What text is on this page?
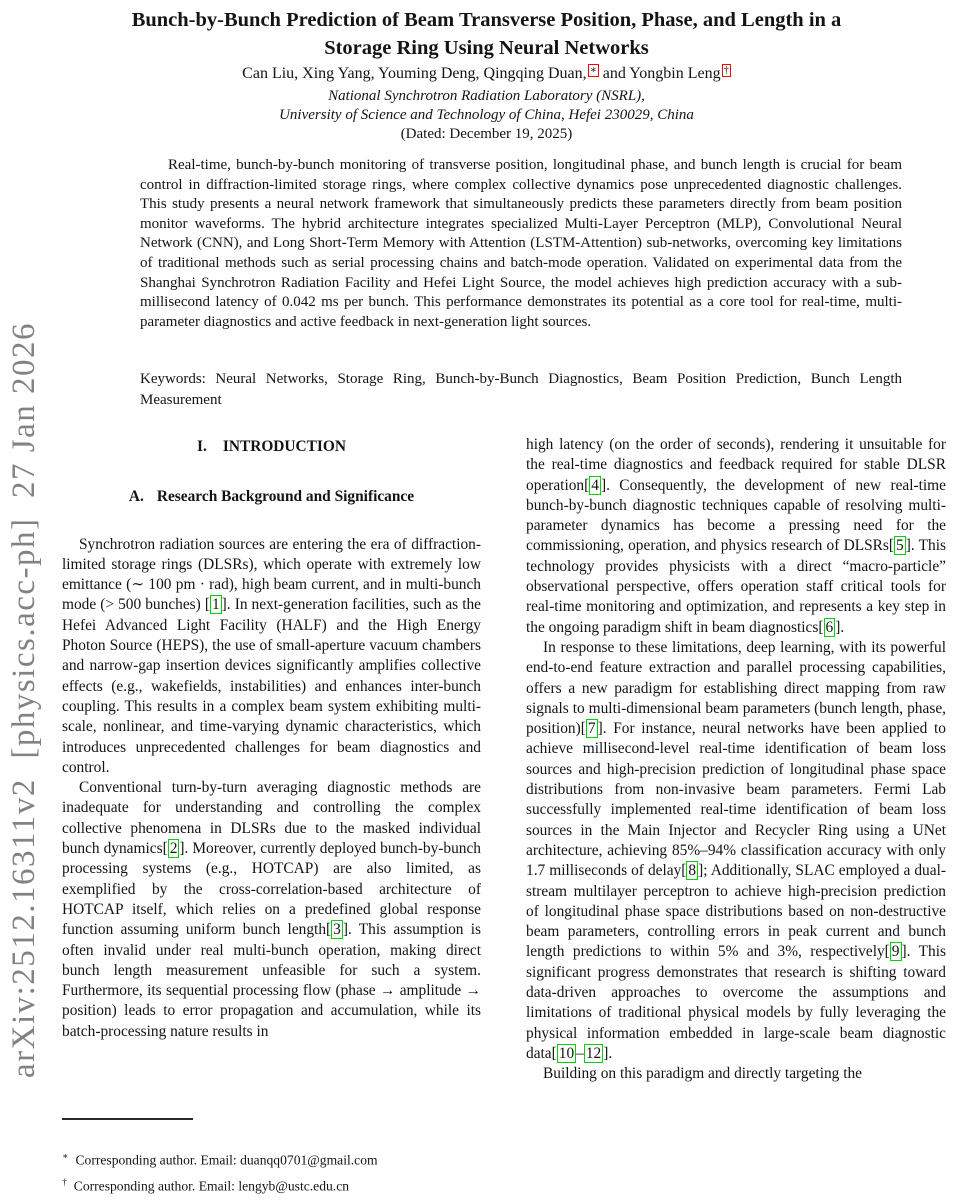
arXiv:2512.16311v2  [physics.acc-ph]  27 Jan 2026
Bunch-by-Bunch Prediction of Beam Transverse Position, Phase, and Length in a
Storage Ring Using Neural Networks
Can Liu, Xing Yang, Youming Deng, Qingqing Duan, ∗ and Yongbin Leng †
National Synchrotron Radiation Laboratory (NSRL),
University of Science and Technology of China, Hefei 230029, China
(Dated: December 19, 2025)

Real-time, bunch-by-bunch monitoring of transverse position, longitudinal phase, and bunch length is crucial for beam control in diffraction-limited storage rings, where complex collective dynamics pose unprecedented diagnostic challenges. This study presents a neural network framework that simultaneously predicts these parameters directly from beam position monitor waveforms. The hybrid architecture integrates specialized Multi-Layer Perceptron (MLP), Convolutional Neural Network (CNN), and Long Short-Term Memory with Attention (LSTM-Attention) sub-networks, overcoming key limitations of traditional methods such as serial processing chains and batch-mode operation. Validated on experimental data from the Shanghai Synchrotron Radiation Facility and Hefei Light Source, the model achieves high prediction accuracy with a sub-millisecond latency of 0.042 ms per bunch. This performance demonstrates its potential as a core tool for real-time, multi-parameter diagnostics and active feedback in next-generation light sources.

Keywords: Neural Networks, Storage Ring, Bunch-by-Bunch Diagnostics, Beam Position Prediction, Bunch Length Measurement

I. INTRODUCTION

A. Research Background and Significance

Synchrotron radiation sources are entering the era of diffraction-limited storage rings (DLSRs), which operate with extremely low emittance (∼ 100 pm · rad), high beam current, and in multi-bunch mode (> 500 bunches) [ 1 ]. In next-generation facilities, such as the Hefei Advanced Light Facility (HALF) and the High Energy Photon Source (HEPS), the use of small-aperture vacuum chambers and narrow-gap insertion devices significantly amplifies collective effects (e.g., wakefields, instabilities) and enhances inter-bunch coupling. This results in a complex beam system exhibiting multi-scale, nonlinear, and time-varying dynamic characteristics, which introduces unprecedented challenges for beam diagnostics and control.

Conventional turn-by-turn averaging diagnostic methods are inadequate for understanding and controlling the complex collective phenomena in DLSRs due to the masked individual bunch dynamics[ 2 ]. Moreover, currently deployed bunch-by-bunch processing systems (e.g., HOTCAP) are also limited, as exemplified by the cross-correlation-based architecture of HOTCAP itself, which relies on a predefined global response function assuming uniform bunch length[ 3 ]. This assumption is often invalid under real multi-bunch operation, making direct bunch length measurement unfeasible for such a system. Furthermore, its sequential processing flow (phase → amplitude → position) leads to error propagation and accumulation, while its batch-processing nature results in

high latency (on the order of seconds), rendering it unsuitable for the real-time diagnostics and feedback required for stable DLSR operation[ 4 ]. Consequently, the development of new real-time bunch-by-bunch diagnostic techniques capable of resolving multi-parameter dynamics has become a pressing need for the commissioning, operation, and physics research of DLSRs[ 5 ]. This technology provides physicists with a direct “macro-particle” observational perspective, offers operation staff critical tools for real-time monitoring and optimization, and represents a key step in the ongoing paradigm shift in beam diagnostics[ 6 ].

In response to these limitations, deep learning, with its powerful end-to-end feature extraction and parallel processing capabilities, offers a new paradigm for establishing direct mapping from raw signals to multi-dimensional beam parameters (bunch length, phase, position)[ 7 ]. For instance, neural networks have been applied to achieve millisecond-level real-time identification of beam loss sources and high-precision prediction of longitudinal phase space distributions from non-invasive beam parameters. Fermi Lab successfully implemented real-time identification of beam loss sources in the Main Injector and Recycler Ring using a UNet architecture, achieving 85%–94% classification accuracy with only 1.7 milliseconds of delay[ 8 ]; Additionally, SLAC employed a dual-stream multilayer perceptron to achieve high-precision prediction of longitudinal phase space distributions based on non-destructive beam parameters, controlling errors in peak current and bunch length predictions to within 5% and 3%, respectively[ 9 ]. This significant progress demonstrates that research is shifting toward data-driven approaches to overcome the assumptions and limitations of traditional physical models by fully leveraging the physical information embedded in large-scale beam diagnostic data[ 10 – 12 ].

Building on this paradigm and directly targeting the

∗ Corresponding author. Email: duanqq0701@gmail.com
† Corresponding author. Email: lengyb@ustc.edu.cn
